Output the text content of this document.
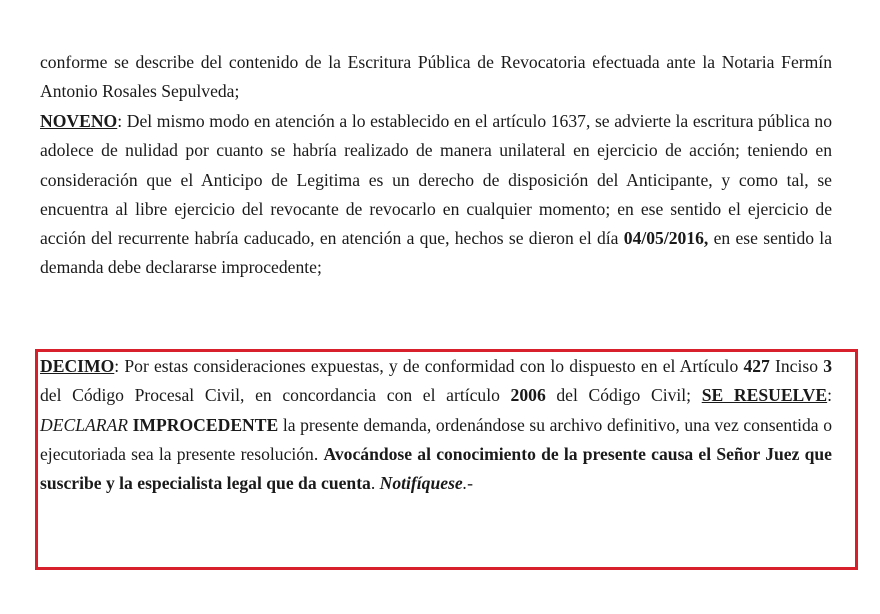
conforme se describe del contenido de la Escritura Pública de Revocatoria efectuada ante la Notaria Fermín Antonio Rosales Sepulveda;

NOVENO: Del mismo modo en atención a lo establecido en el artículo 1637, se advierte la escritura pública no adolece de nulidad por cuanto se habría realizado de manera unilateral en ejercicio de acción; teniendo en consideración que el Anticipo de Legitima es un derecho de disposición del Anticipante, y como tal, se encuentra al libre ejercicio del revocante de revocarlo en cualquier momento; en ese sentido el ejercicio de acción del recurrente habría caducado, en atención a que, hechos se dieron el día 04/05/2016, en ese sentido la demanda debe declararse improcedente;

DECIMO: Por estas consideraciones expuestas, y de conformidad con lo dispuesto en el Artículo 427 Inciso 3 del Código Procesal Civil, en concordancia con el artículo 2006 del Código Civil; SE RESUELVE: DECLARAR IMPROCEDENTE la presente demanda, ordenándose su archivo definitivo, una vez consentida o ejecutoriada sea la presente resolución. Avocándose al conocimiento de la presente causa el Señor Juez que suscribe y la especialista legal que da cuenta. Notifíquese.-
